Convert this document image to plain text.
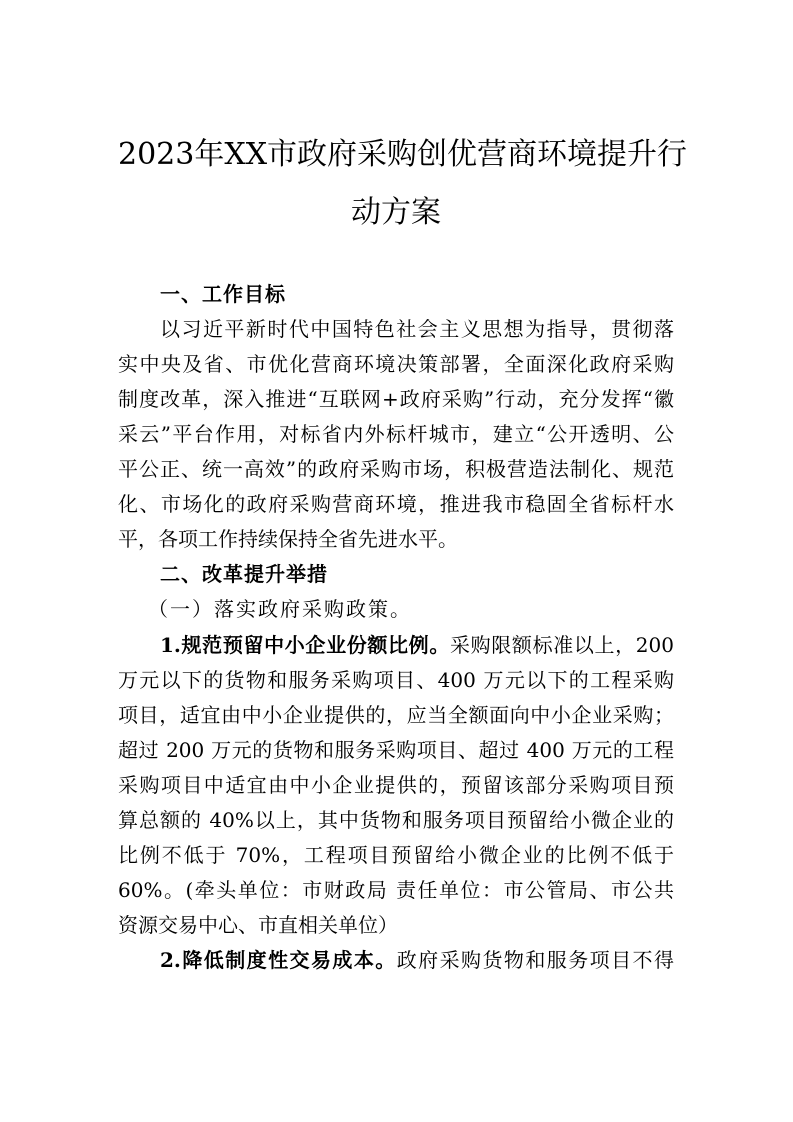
2023年XX市政府采购创优营商环境提升行
动方案
一、工作目标
以习近平新时代中国特色社会主义思想为指导，贯彻落
实中央及省、市优化营商环境决策部署，全面深化政府采购
制度改革，深入推进“互联网+政府采购”行动，充分发挥“徽
采云”平台作用，对标省内外标杆城市，建立“公开透明、公
平公正、统一高效”的政府采购市场，积极营造法制化、规范
化、市场化的政府采购营商环境，推进我市稳固全省标杆水
平，各项工作持续保持全省先进水平。
二、改革提升举措
（一）落实政府采购政策。
1.规范预留中小企业份额比例。采购限额标准以上，200
万元以下的货物和服务采购项目、400 万元以下的工程采购
项目，适宜由中小企业提供的，应当全额面向中小企业采购；
超过 200 万元的货物和服务采购项目、超过 400 万元的工程
采购项目中适宜由中小企业提供的，预留该部分采购项目预
算总额的 40%以上，其中货物和服务项目预留给小微企业的
比例不低于 70%，工程项目预留给小微企业的比例不低于
60%。(牵头单位：市财政局 责任单位：市公管局、市公共
资源交易中心、市直相关单位）
2.降低制度性交易成本。政府采购货物和服务项目不得
